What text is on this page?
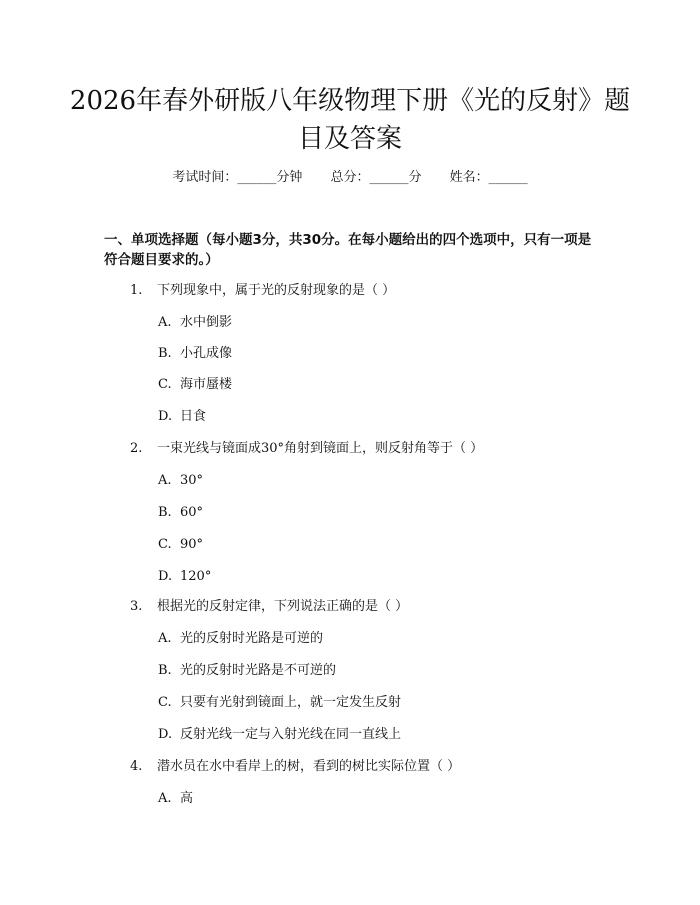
2026年春外研版八年级物理下册《光的反射》题目及答案
考试时间：______分钟 总分：______分 姓名：______

一、单项选择题（每小题3分，共30分。在每小题给出的四个选项中，只有一项是符合题目要求的。）

1. 下列现象中，属于光的反射现象的是（ ）
A. 水中倒影
B. 小孔成像
C. 海市蜃楼
D. 日食
2. 一束光线与镜面成30°角射到镜面上，则反射角等于（ ）
A. 30°
B. 60°
C. 90°
D. 120°
3. 根据光的反射定律，下列说法正确的是（ ）
A. 光的反射时光路是可逆的
B. 光的反射时光路是不可逆的
C. 只要有光射到镜面上，就一定发生反射
D. 反射光线一定与入射光线在同一直线上
4. 潜水员在水中看岸上的树，看到的树比实际位置（ ）
A. 高
